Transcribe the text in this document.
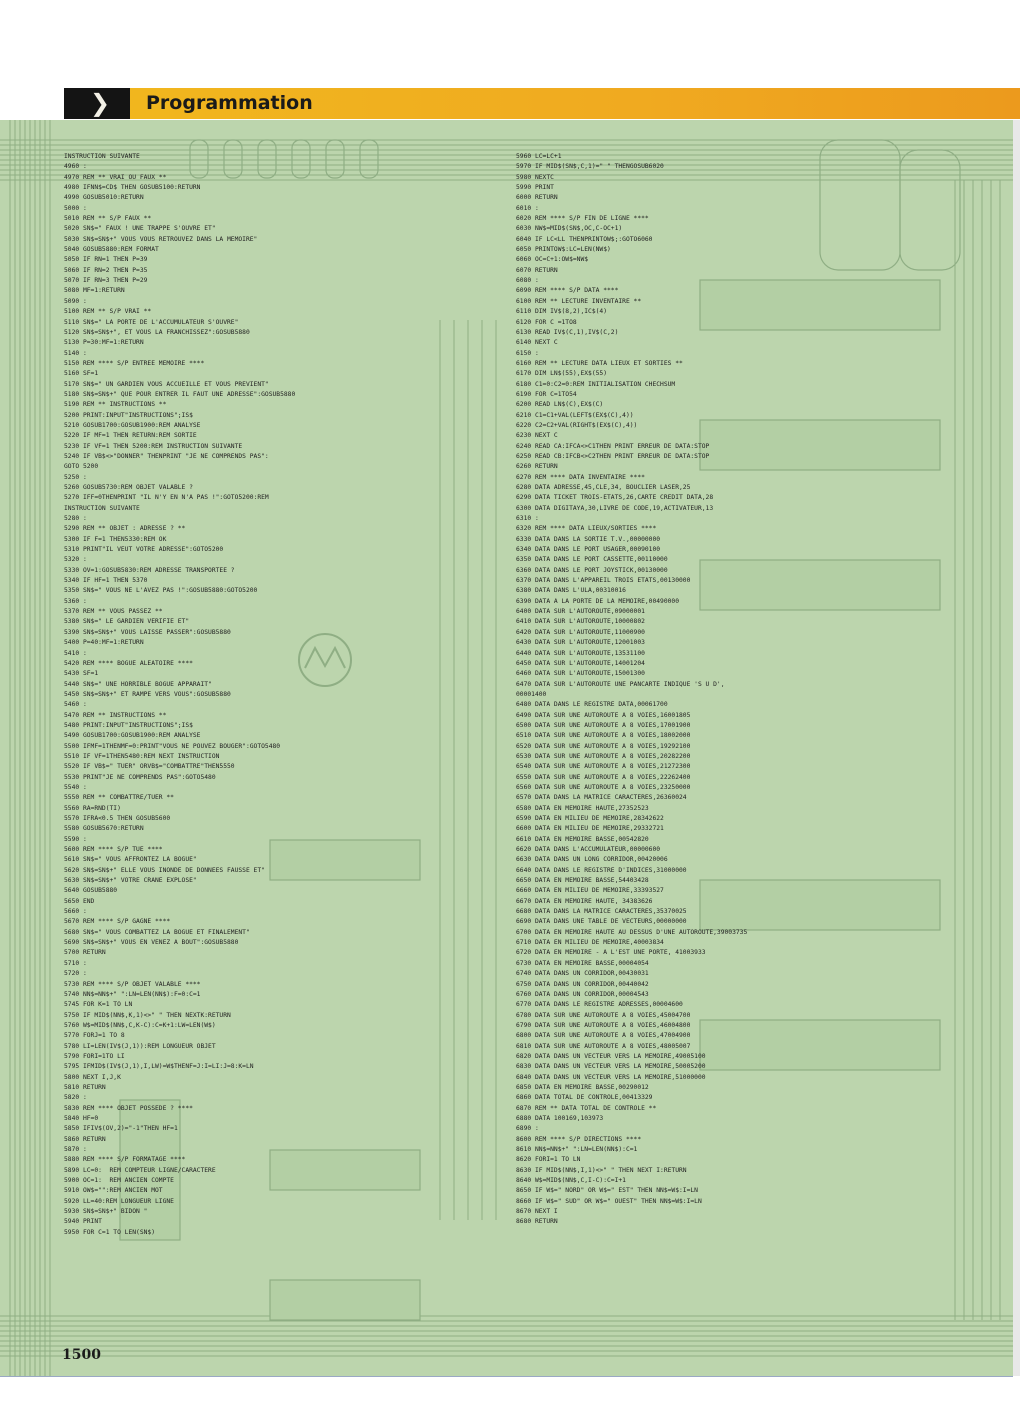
❯ Programmation
INSTRUCTION SUIVANTE
4960 :
4970 REM ** VRAI OU FAUX **
4980 IFNN$=CD$ THEN GOSUB5100:RETURN
4990 GOSUB5010:RETURN
5000 :
5010 REM ** S/P FAUX **
5020 SN$=" FAUX ! UNE TRAPPE S'OUVRE ET"
5030 SN$=SN$+" VOUS VOUS RETROUVEZ DANS LA MEMOIRE"
5040 GOSUB5880:REM FORMAT
5050 IF RN=1 THEN P=39
5060 IF RN=2 THEN P=35
5070 IF RN=3 THEN P=29
5080 MF=1:RETURN
5090 :
5100 REM ** S/P VRAI **
5110 SN$=" LA PORTE DE L'ACCUMULATEUR S'OUVRE"
5120 SN$=SN$+", ET VOUS LA FRANCHISSEZ":GOSUB5880
5130 P=30:MF=1:RETURN
5140 :
5150 REM **** S/P ENTREE MEMOIRE ****
5160 SF=1
5170 SN$=" UN GARDIEN VOUS ACCUEILLE ET VOUS PREVIENT"
5180 SN$=SN$+" QUE POUR ENTRER IL FAUT UNE ADRESSE":GOSUB5880
5190 REM ** INSTRUCTIONS **
5200 PRINT:INPUT"INSTRUCTIONS";IS$
5210 GOSUB1700:GOSUB1900:REM ANALYSE
5220 IF MF=1 THEN RETURN:REM SORTIE
5230 IF VF=1 THEN 5200:REM INSTRUCTION SUIVANTE
5240 IF VB$<>"DONNER" THENPRINT "JE NE COMPRENDS PAS":
GOTO 5200
5250 :
5260 GOSUB5730:REM OBJET VALABLE ?
5270 IFF=0THENPRINT "IL N'Y EN N'A PAS !":GOTO5200:REM
INSTRUCTION SUIVANTE
5280 :
5290 REM ** OBJET : ADRESSE ? **
5300 IF F=1 THEN5330:REM OK
5310 PRINT"IL VEUT VOTRE ADRESSE":GOTO5200
5320 :
5330 OV=1:GOSUB5830:REM ADRESSE TRANSPORTEE ?
5340 IF HF=1 THEN 5370
5350 SN$=" VOUS NE L'AVEZ PAS !":GOSUB5880:GOTO5200
5360 :
5370 REM ** VOUS PASSEZ **
5380 SN$=" LE GARDIEN VERIFIE ET"
5390 SN$=SN$+" VOUS LAISSE PASSER":GOSUB5880
5400 P=40:MF=1:RETURN
5410 :
5420 REM **** BOGUE ALEATOIRE ****
5430 SF=1
5440 SN$=" UNE HORRIBLE BOGUE APPARAIT"
5450 SN$=SN$+" ET RAMPE VERS VOUS":GOSUB5880
5460 :
5470 REM ** INSTRUCTIONS **
5480 PRINT:INPUT"INSTRUCTIONS";IS$
5490 GOSUB1700:GOSUB1900:REM ANALYSE
5500 IFMF=1THENMF=0:PRINT"VOUS NE POUVEZ BOUGER":GOTO5480
5510 IF VF=1THEN5480:REM NEXT INSTRUCTION
5520 IF VB$=" TUER" ORVB$="COMBATTRE"THEN5550
5530 PRINT"JE NE COMPRENDS PAS":GOTO5480
5540 :
5550 REM ** COMBATTRE/TUER **
5560 RA=RND(TI)
5570 IFRA<0.5 THEN GOSUB5600
5580 GOSUB5670:RETURN
5590 :
5600 REM **** S/P TUE ****
5610 SN$=" VOUS AFFRONTEZ LA BOGUE"
5620 SN$=SN$+" ELLE VOUS INONDE DE DONNEES FAUSSE ET"
5630 SN$=SN$+" VOTRE CRANE EXPLOSE"
5640 GOSUB5880
5650 END
5660 :
5670 REM **** S/P GAGNE ****
5680 SN$=" VOUS COMBATTEZ LA BOGUE ET FINALEMENT"
5690 SN$=SN$+" VOUS EN VENEZ A BOUT":GOSUB5880
5700 RETURN
5710 :
5720 :
5730 REM **** S/P OBJET VALABLE ****
5740 NN$=NN$+" ":LN=LEN(NN$):F=0:C=1
5745 FOR K=1 TO LN
5750 IF MID$(NN$,K,1)<>" " THEN NEXTK:RETURN
5760 W$=MID$(NN$,C,K-C):C=K+1:LW=LEN(W$)
5770 FORJ=1 TO 8
5780 LI=LEN(IV$(J,1)):REM LONGUEUR OBJET
5790 FORI=1TO LI
5795 IFMID$(IV$(J,1),I,LW)=W$THENF=J:I=LI:J=8:K=LN
5800 NEXT I,J,K
5810 RETURN
5820 :
5830 REM **** OBJET POSSEDE ? ****
5840 HF=0
5850 IFIV$(OV,2)="-1"THEN HF=1
5860 RETURN
5870 :
5880 REM **** S/P FORMATAGE ****
5890 LC=0:  REM COMPTEUR LIGNE/CARACTERE
5900 OC=1:  REM ANCIEN COMPTE
5910 OW$="":REM ANCIEN MOT
5920 LL=40:REM LONGUEUR LIGNE
5930 SN$=SN$+" BIDON "
5940 PRINT
5950 FOR C=1 TO LEN(SN$)
5960 LC=LC+1
5970 IF MID$(SN$,C,1)=" " THENGOSUB6020
5980 NEXTC
5990 PRINT
6000 RETURN
6010 :
6020 REM **** S/P FIN DE LIGNE ****
6030 NW$=MID$(SN$,OC,C-OC+1)
6040 IF LC<LL THENPRINTOW$;:GOTO6060
6050 PRINTOW$:LC=LEN(NW$)
6060 OC=C+1:OW$=NW$
6070 RETURN
6080 :
6090 REM **** S/P DATA ****
6100 REM ** LECTURE INVENTAIRE **
6110 DIM IV$(8,2),IC$(4)
6120 FOR C =1TO8
6130 READ IV$(C,1),IV$(C,2)
6140 NEXT C
6150 :
6160 REM ** LECTURE DATA LIEUX ET SORTIES **
6170 DIM LN$(55),EX$(55)
6180 C1=0:C2=0:REM INITIALISATION CHECHSUM
6190 FOR C=1TO54
6200 READ LN$(C),EX$(C)
6210 C1=C1+VAL(LEFT$(EX$(C),4))
6220 C2=C2+VAL(RIGHT$(EX$(C),4))
6230 NEXT C
6240 READ CA:IFCA<>C1THEN PRINT ERREUR DE DATA:STOP
6250 READ CB:IFCB<>C2THEN PRINT ERREUR DE DATA:STOP
6260 RETURN
6270 REM **** DATA INVENTAIRE ****
6280 DATA ADRESSE,45,CLE,34, BOUCLIER LASER,25
6290 DATA TICKET TROIS-ETATS,26,CARTE CREDIT DATA,28
6300 DATA DIGITAYA,30,LIVRE DE CODE,19,ACTIVATEUR,13
6310 :
6320 REM **** DATA LIEUX/SORTIES ****
6330 DATA DANS LA SORTIE T.V.,00000000
6340 DATA DANS LE PORT USAGER,00090100
6350 DATA DANS LE PORT CASSETTE,00110000
6360 DATA DANS LE PORT JOYSTICK,00130000
6370 DATA DANS L'APPAREIL TROIS ETATS,00130000
6380 DATA DANS L'ULA,00310016
6390 DATA A LA PORTE DE LA MEMOIRE,00490000
6400 DATA SUR L'AUTOROUTE,09000001
6410 DATA SUR L'AUTOROUTE,10000802
6420 DATA SUR L'AUTOROUTE,11000900
6430 DATA SUR L'AUTOROUTE,12001003
6440 DATA SUR L'AUTOROUTE,13531100
6450 DATA SUR L'AUTOROUTE,14001204
6460 DATA SUR L'AUTOROUTE,15001300
6470 DATA SUR L'AUTOROUTE UNE PANCARTE INDIQUE 'S U D',
00001400
6480 DATA DANS LE REGISTRE DATA,00061700
6490 DATA SUR UNE AUTOROUTE A 8 VOIES,16001805
6500 DATA SUR UNE AUTOROUTE A 8 VOIES,17001900
6510 DATA SUR UNE AUTOROUTE A 8 VOIES,18002000
6520 DATA SUR UNE AUTOROUTE A 8 VOIES,19292100
6530 DATA SUR UNE AUTOROUTE A 8 VOIES,20282200
6540 DATA SUR UNE AUTOROUTE A 8 VOIES,21272300
6550 DATA SUR UNE AUTOROUTE A 8 VOIES,22262400
6560 DATA SUR UNE AUTOROUTE A 8 VOIES,23250000
6570 DATA DANS LA MATRICE CARACTERES,26360024
6580 DATA EN MEMOIRE HAUTE,27352523
6590 DATA EN MILIEU DE MEMOIRE,28342622
6600 DATA EN MILIEU DE MEMOIRE,29332721
6610 DATA EN MEMOIRE BASSE,00542820
6620 DATA DANS L'ACCUMULATEUR,00000600
6630 DATA DANS UN LONG CORRIDOR,00420006
6640 DATA DANS LE REGISTRE D'INDICES,31000000
6650 DATA EN MEMOIRE BASSE,54403428
6660 DATA EN MILIEU DE MEMOIRE,33393527
6670 DATA EN MEMOIRE HAUTE, 34383626
6680 DATA DANS LA MATRICE CARACTERES,35370025
6690 DATA DANS UNE TABLE DE VECTEURS,00000000
6700 DATA EN MEMOIRE HAUTE AU DESSUS D'UNE AUTOROUTE,39003735
6710 DATA EN MILIEU DE MEMOIRE,40003834
6720 DATA EN MEMOIRE - A L'EST UNE PORTE, 41003933
6730 DATA EN MEMOIRE BASSE,00004054
6740 DATA DANS UN CORRIDOR,00430031
6750 DATA DANS UN CORRIDOR,00440042
6760 DATA DANS UN CORRIDOR,00004543
6770 DATA DANS LE REGISTRE ADRESSES,00004600
6780 DATA SUR UNE AUTOROUTE A 8 VOIES,45004700
6790 DATA SUR UNE AUTOROUTE A 8 VOIES,46004800
6800 DATA SUR UNE AUTOROUTE A 8 VOIES,47004900
6810 DATA SUR UNE AUTOROUTE A 8 VOIES,48005007
6820 DATA DANS UN VECTEUR VERS LA MEMOIRE,49005100
6830 DATA DANS UN VECTEUR VERS LA MEMOIRE,50005200
6840 DATA DANS UN VECTEUR VERS LA MEMOIRE,51000000
6850 DATA EN MEMOIRE BASSE,00290012
6860 DATA TOTAL DE CONTROLE,00413329
6870 REM ** DATA TOTAL DE CONTROLE **
6880 DATA 100169,103973
6890 :
8600 REM **** S/P DIRECTIONS ****
8610 NN$=NN$+" ":LN=LEN(NN$):C=1
8620 FORI=1 TO LN
8630 IF MID$(NN$,I,1)<>" " THEN NEXT I:RETURN
8640 W$=MID$(NN$,C,I-C):C=I+1
8650 IF W$=" NORD" OR W$=" EST" THEN NN$=W$:I=LN
8660 IF W$=" SUD" OR W$=" OUEST" THEN NN$=W$:I=LN
8670 NEXT I
8680 RETURN
1500
